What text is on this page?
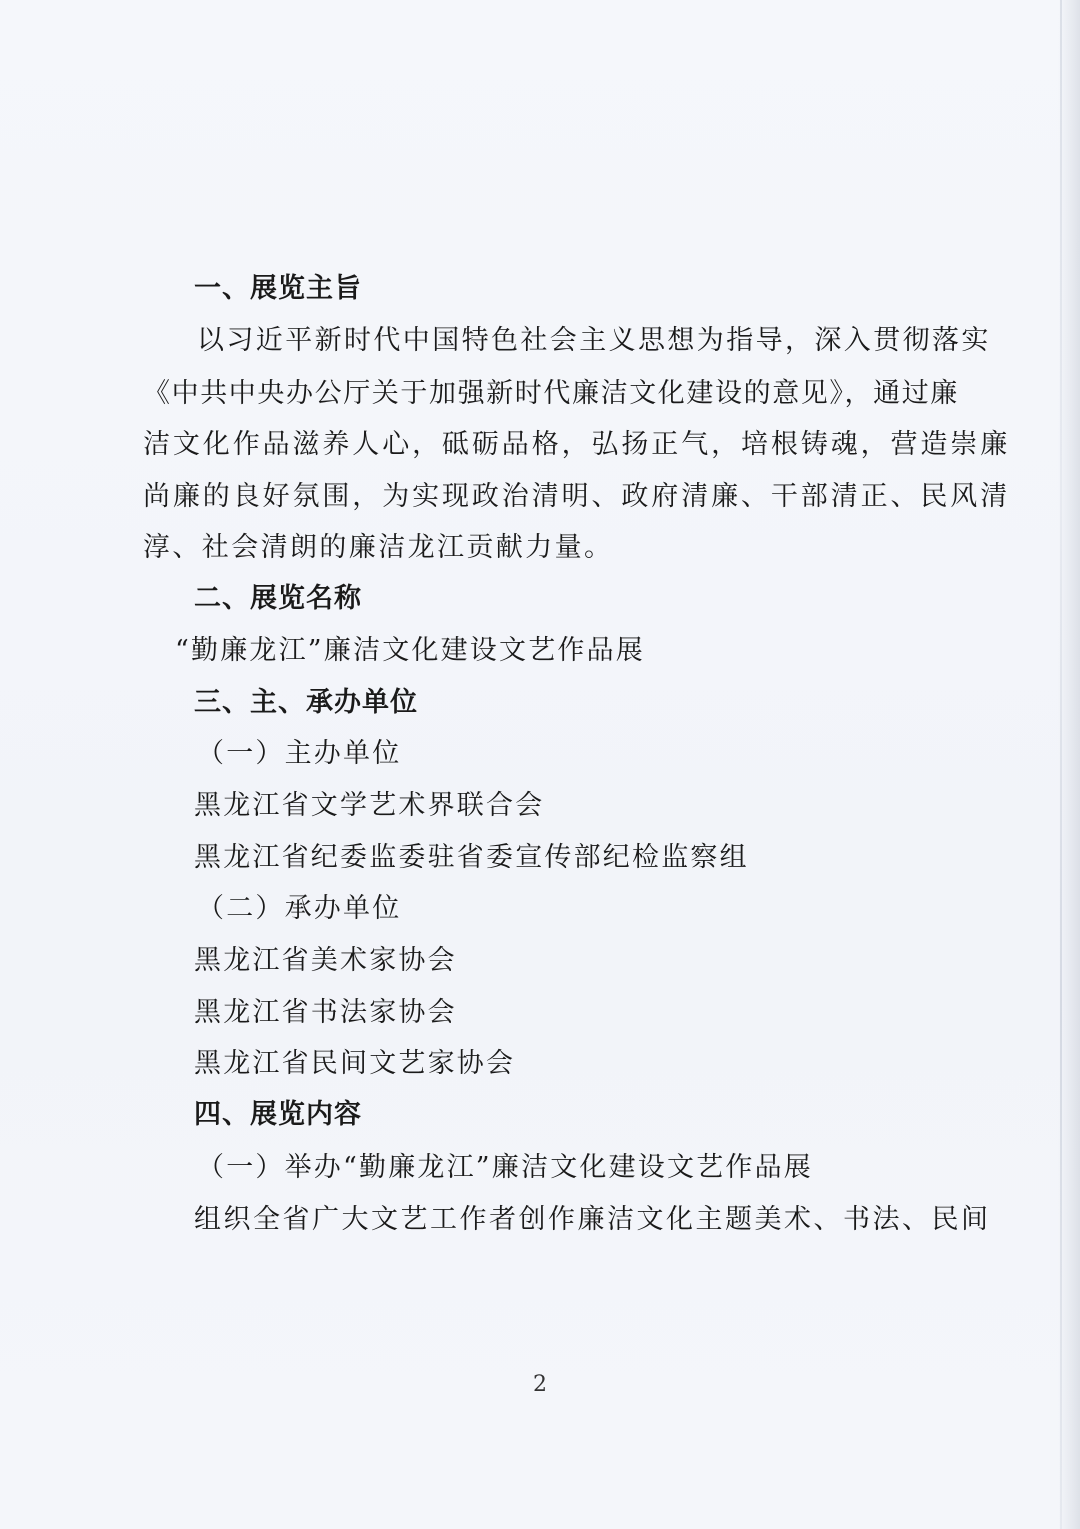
一、展览主旨
以习近平新时代中国特色社会主义思想为指导，深入贯彻落实
《中共中央办公厅关于加强新时代廉洁文化建设的意见》，通过廉
洁文化作品滋养人心，砥砺品格，弘扬正气，培根铸魂，营造崇廉
尚廉的良好氛围，为实现政治清明、政府清廉、干部清正、民风清
淳、社会清朗的廉洁龙江贡献力量。
二、展览名称
“勤廉龙江”廉洁文化建设文艺作品展
三、主、承办单位
（一）主办单位
黑龙江省文学艺术界联合会
黑龙江省纪委监委驻省委宣传部纪检监察组
（二）承办单位
黑龙江省美术家协会
黑龙江省书法家协会
黑龙江省民间文艺家协会
四、展览内容
（一）举办“勤廉龙江”廉洁文化建设文艺作品展
组织全省广大文艺工作者创作廉洁文化主题美术、书法、民间
2
